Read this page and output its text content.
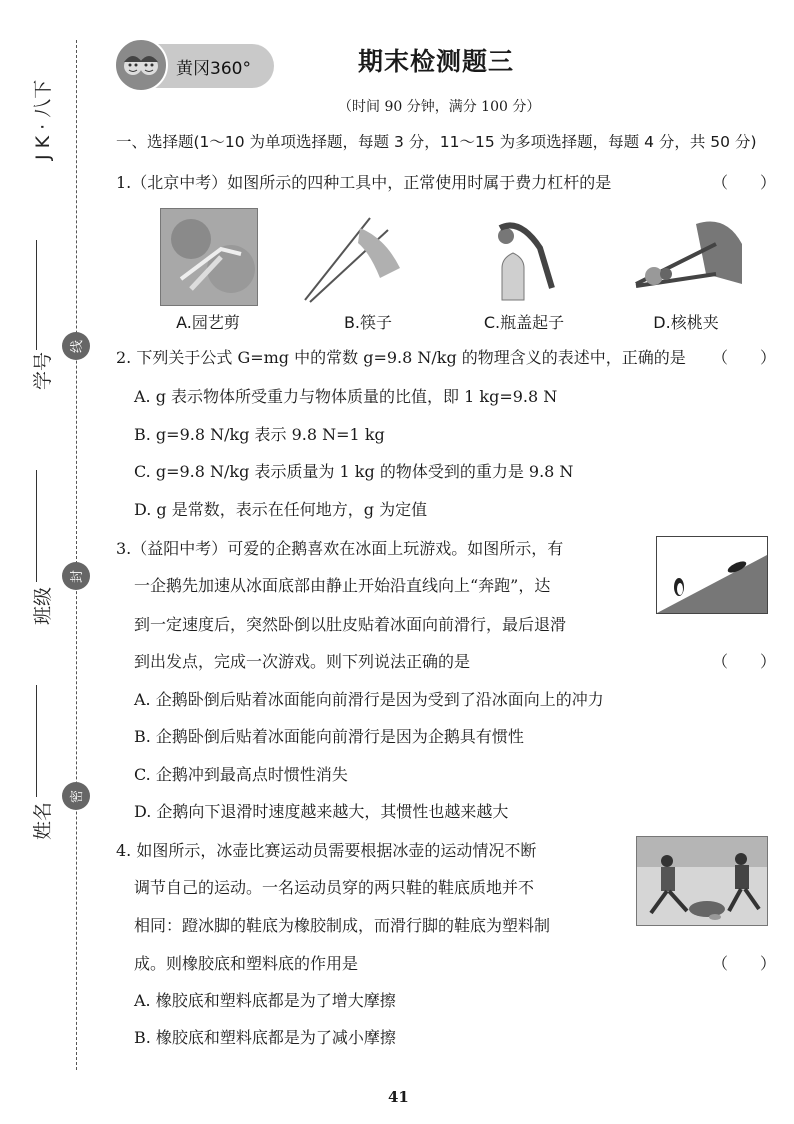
J K · 八下
学号
班级
姓名
线
封
密
黄冈360°	期末检测题三
（时间 90 分钟，满分 100 分）
一、选择题(1～10 为单项选择题，每题 3 分，11～15 为多项选择题，每题 4 分，共 50 分)
1.（北京中考）如图所示的四种工具中，正常使用时属于费力杠杆的是	（　　）
A.园艺剪	B.筷子	C.瓶盖起子	D.核桃夹
2. 下列关于公式 G=mg 中的常数 g=9.8 N/kg 的物理含义的表述中，正确的是 （　　）
A. g 表示物体所受重力与物体质量的比值，即 1 kg=9.8 N
B. g=9.8 N/kg 表示 9.8 N=1 kg
C. g=9.8 N/kg 表示质量为 1 kg 的物体受到的重力是 9.8 N
D. g 是常数，表示在任何地方，g 为定值
3.（益阳中考）可爱的企鹅喜欢在冰面上玩游戏。如图所示，有
一企鹅先加速从冰面底部由静止开始沿直线向上“奔跑”，达
到一定速度后，突然卧倒以肚皮贴着冰面向前滑行，最后退滑
到出发点，完成一次游戏。则下列说法正确的是	（　　）
A. 企鹅卧倒后贴着冰面能向前滑行是因为受到了沿冰面向上的冲力
B. 企鹅卧倒后贴着冰面能向前滑行是因为企鹅具有惯性
C. 企鹅冲到最高点时惯性消失
D. 企鹅向下退滑时速度越来越大，其惯性也越来越大
4. 如图所示，冰壶比赛运动员需要根据冰壶的运动情况不断
调节自己的运动。一名运动员穿的两只鞋的鞋底质地并不
相同：蹬冰脚的鞋底为橡胶制成，而滑行脚的鞋底为塑料制
成。则橡胶底和塑料底的作用是	（　　）
A. 橡胶底和塑料底都是为了增大摩擦
B. 橡胶底和塑料底都是为了减小摩擦
41
